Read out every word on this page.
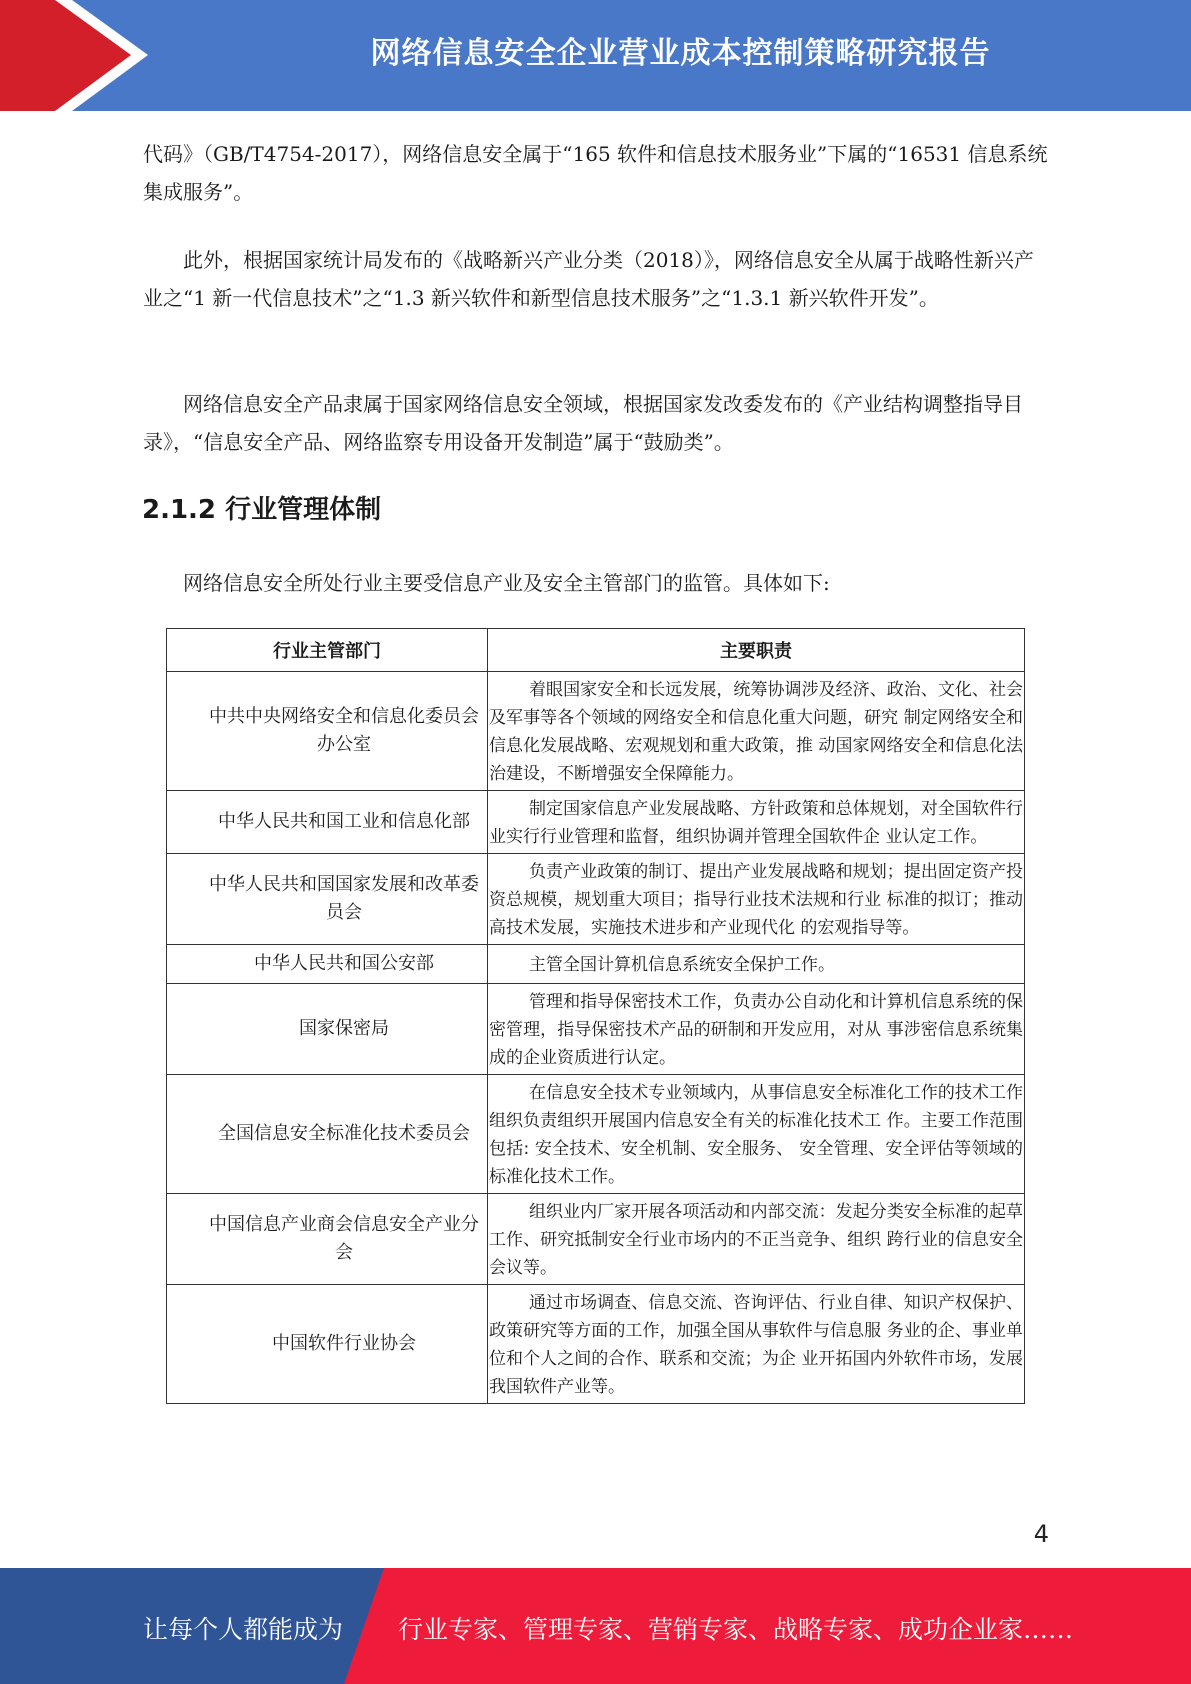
网络信息安全企业营业成本控制策略研究报告

代码》（GB/T4754-2017），网络信息安全属于“165 软件和信息技术服务业”下属的“16531 信息系统集成服务”。

此外，根据国家统计局发布的《战略新兴产业分类（2018）》，网络信息安全从属于战略性新兴产业之“1 新一代信息技术”之“1.3 新兴软件和新型信息技术服务”之“1.3.1 新兴软件开发”。

网络信息安全产品隶属于国家网络信息安全领域，根据国家发改委发布的《产业结构调整指导目录》，“信息安全产品、网络监察专用设备开发制造”属于“鼓励类”。

2.1.2 行业管理体制

网络信息安全所处行业主要受信息产业及安全主管部门的监管。具体如下:

行业主管部门	主要职责
中共中央网络安全和信息化委员会办公室	着眼国家安全和长远发展，统筹协调涉及经济、政治、文化、社会及军事等各个领域的网络安全和信息化重大问题，研究 制定网络安全和信息化发展战略、宏观规划和重大政策，推 动国家网络安全和信息化法治建设，不断增强安全保障能力。
中华人民共和国工业和信息化部	制定国家信息产业发展战略、方针政策和总体规划，对全国软件行业实行行业管理和监督，组织协调并管理全国软件企 业认定工作。
中华人民共和国国家发展和改革委员会	负责产业政策的制订、提出产业发展战略和规划；提出固定资产投资总规模，规划重大项目；指导行业技术法规和行业 标准的拟订；推动高技术发展，实施技术进步和产业现代化 的宏观指导等。
中华人民共和国公安部	主管全国计算机信息系统安全保护工作。
国家保密局	管理和指导保密技术工作，负责办公自动化和计算机信息系统的保密管理，指导保密技术产品的研制和开发应用，对从 事涉密信息系统集成的企业资质进行认定。
全国信息安全标准化技术委员会	在信息安全技术专业领域内，从事信息安全标准化工作的技术工作组织负责组织开展国内信息安全有关的标准化技术工 作。主要工作范围包括: 安全技术、安全机制、安全服务、 安全管理、安全评估等领域的标准化技术工作。
中国信息产业商会信息安全产业分会	组织业内厂家开展各项活动和内部交流：发起分类安全标准的起草工作、研究抵制安全行业市场内的不正当竞争、组织 跨行业的信息安全会议等。
中国软件行业协会	通过市场调查、信息交流、咨询评估、行业自律、知识产权保护、政策研究等方面的工作，加强全国从事软件与信息服 务业的企、事业单位和个人之间的合作、联系和交流；为企 业开拓国内外软件市场，发展我国软件产业等。
4
让每个人都能成为 行业专家、管理专家、营销专家、战略专家、成功企业家……
